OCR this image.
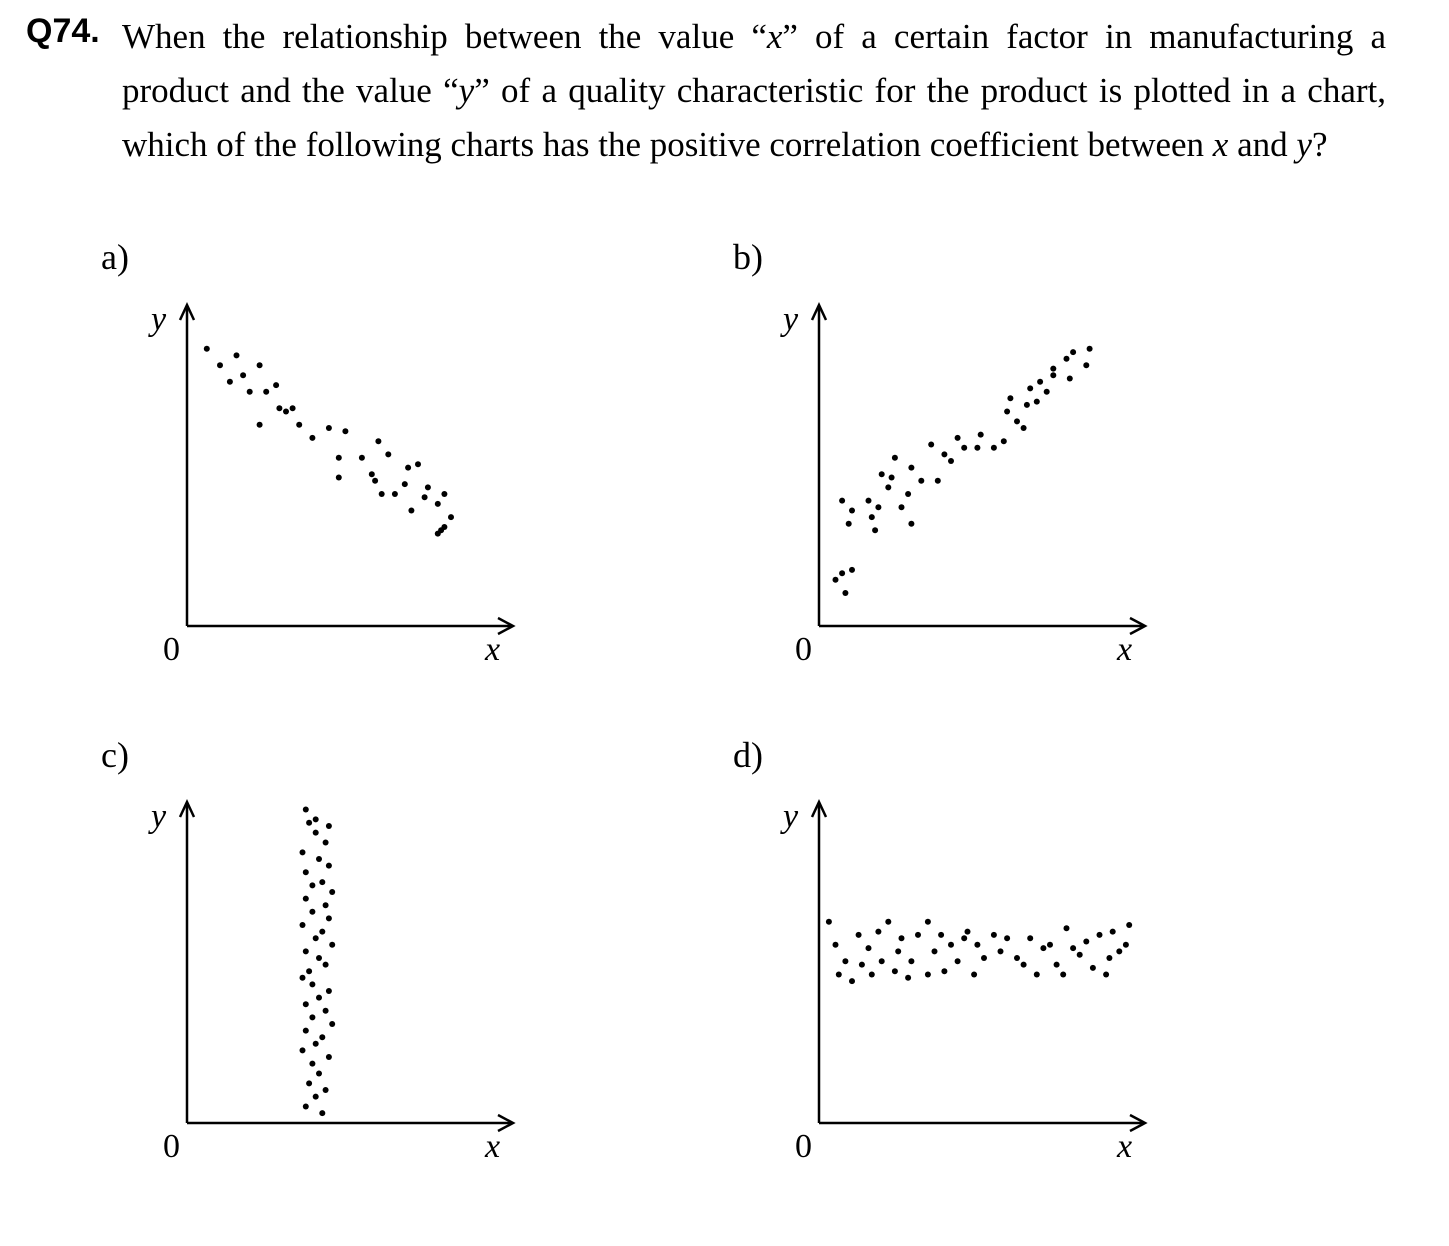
Q74. When the relationship between the value “x” of a certain factor in manufacturing a product and the value “y” of a quality characteristic for the product is plotted in a chart, which of the following charts has the positive correlation coefficient between x and y?
a)	b)
c)	d)
y
x
0
y
x
0
y
x
0
y
x
0
